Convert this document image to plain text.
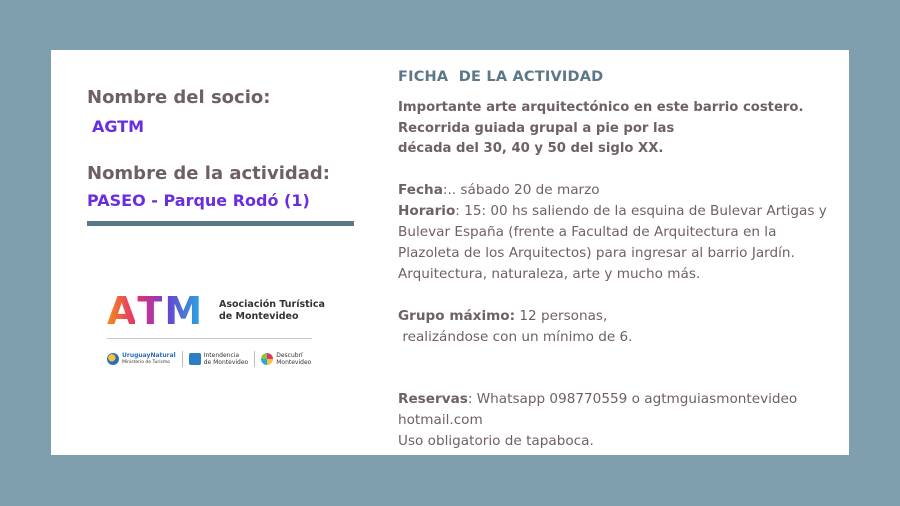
Nombre del socio:

AGTM

Nombre de la actividad:

PASEO - Parque Rodó (1)

A T M Asociación Turística
de Montevideo
UruguayNatural
Ministerio de Turismo
Intendencia
de Montevideo
Descubrí
Montevideo
FICHA  DE LA ACTIVIDAD
Importante arte arquitectónico en este barrio costero.
Recorrida guiada grupal a pie por las
década del 30, 40 y 50 del siglo XX.
Fecha:.. sábado 20 de marzo
Horario: 15: 00 hs saliendo de la esquina de Bulevar Artigas y
Bulevar España (frente a Facultad de Arquitectura en la
Plazoleta de los Arquitectos) para ingresar al barrio Jardín.
Arquitectura, naturaleza, arte y mucho más.
Grupo máximo: 12 personas,
realizándose con un mínimo de 6.
Reservas: Whatsapp 098770559 o agtmguiasmontevideo
hotmail.com
Uso obligatorio de tapaboca.
